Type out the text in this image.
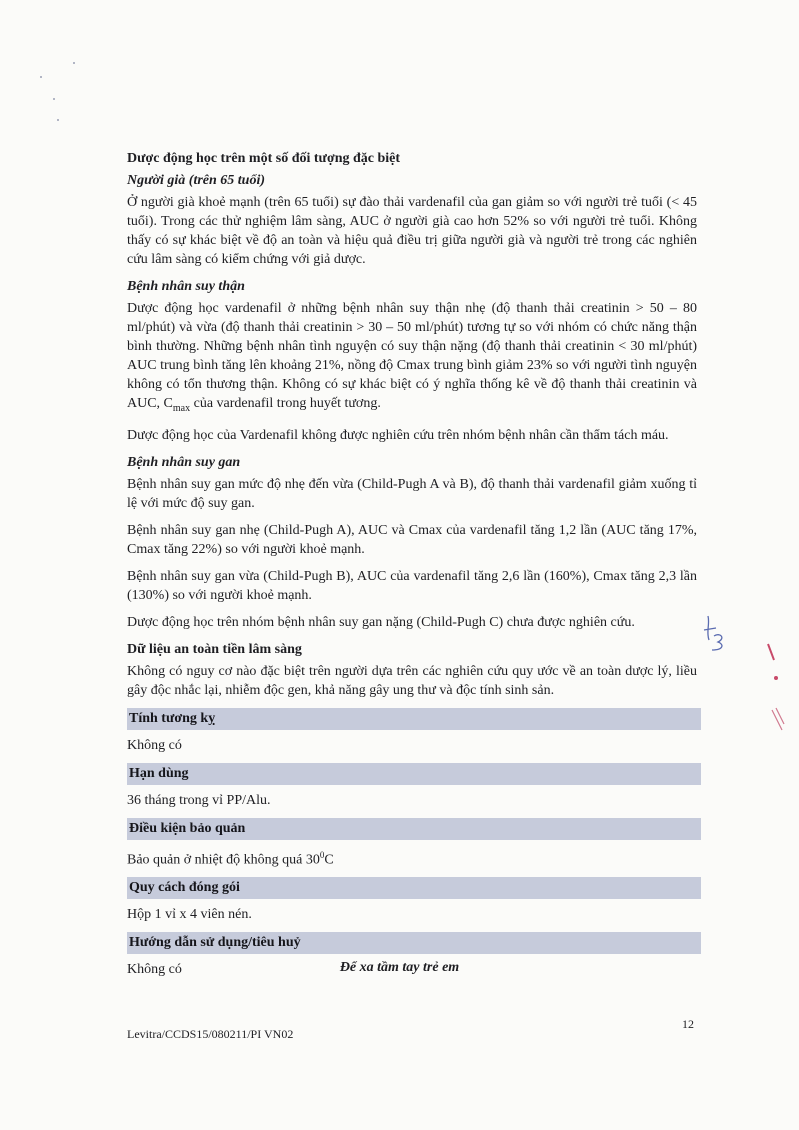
Dược động học trên một số đối tượng đặc biệt
Người già (trên 65 tuổi)

Ở người già khoẻ mạnh (trên 65 tuổi) sự đào thải vardenafil của gan giảm so với người trẻ tuổi (< 45 tuổi). Trong các thử nghiệm lâm sàng, AUC ở người già cao hơn 52% so với người trẻ tuổi. Không thấy có sự khác biệt về độ an toàn và hiệu quả điều trị giữa người già và người trẻ trong các nghiên cứu lâm sàng có kiểm chứng với giả dược.

Bệnh nhân suy thận

Dược động học vardenafil ở những bệnh nhân suy thận nhẹ (độ thanh thải creatinin > 50 – 80 ml/phút) và vừa (độ thanh thải creatinin > 30 – 50 ml/phút) tương tự so với nhóm có chức năng thận bình thường. Những bệnh nhân tình nguyện có suy thận nặng (độ thanh thải creatinin < 30 ml/phút) AUC trung bình tăng lên khoảng 21%, nồng độ Cmax trung bình giảm 23% so với người tình nguyện không có tổn thương thận. Không có sự khác biệt có ý nghĩa thống kê về độ thanh thải creatinin và AUC, $C_{max}$ của vardenafil trong huyết tương.

Dược động học của Vardenafil không được nghiên cứu trên nhóm bệnh nhân cần thẩm tách máu.

Bệnh nhân suy gan

Bệnh nhân suy gan mức độ nhẹ đến vừa (Child-Pugh A và B), độ thanh thải vardenafil giảm xuống tỉ lệ với mức độ suy gan.

Bệnh nhân suy gan nhẹ (Child-Pugh A), AUC và Cmax của vardenafil tăng 1,2 lần (AUC tăng 17%, Cmax tăng 22%) so với người khoẻ mạnh.

Bệnh nhân suy gan vừa (Child-Pugh B), AUC của vardenafil tăng 2,6 lần (160%), Cmax tăng 2,3 lần (130%) so với người khoẻ mạnh.

Dược động học trên nhóm bệnh nhân suy gan nặng (Child-Pugh C) chưa được nghiên cứu.

Dữ liệu an toàn tiền lâm sàng

Không có nguy cơ nào đặc biệt trên người dựa trên các nghiên cứu quy ước về an toàn dược lý, liều gây độc nhắc lại, nhiễm độc gen, khả năng gây ung thư và độc tính sinh sản.

Tính tương kỵ

Không có

Hạn dùng

36 tháng trong vỉ PP/Alu.

Điều kiện bảo quản

Bảo quản ở nhiệt độ không quá $30^0C$

Quy cách đóng gói

Hộp 1 vỉ x 4 viên nén.

Hướng dẫn sử dụng/tiêu huỷ

Không có	Để xa tầm tay trẻ em
Levitra/CCDS15/080211/PI VN02
12
